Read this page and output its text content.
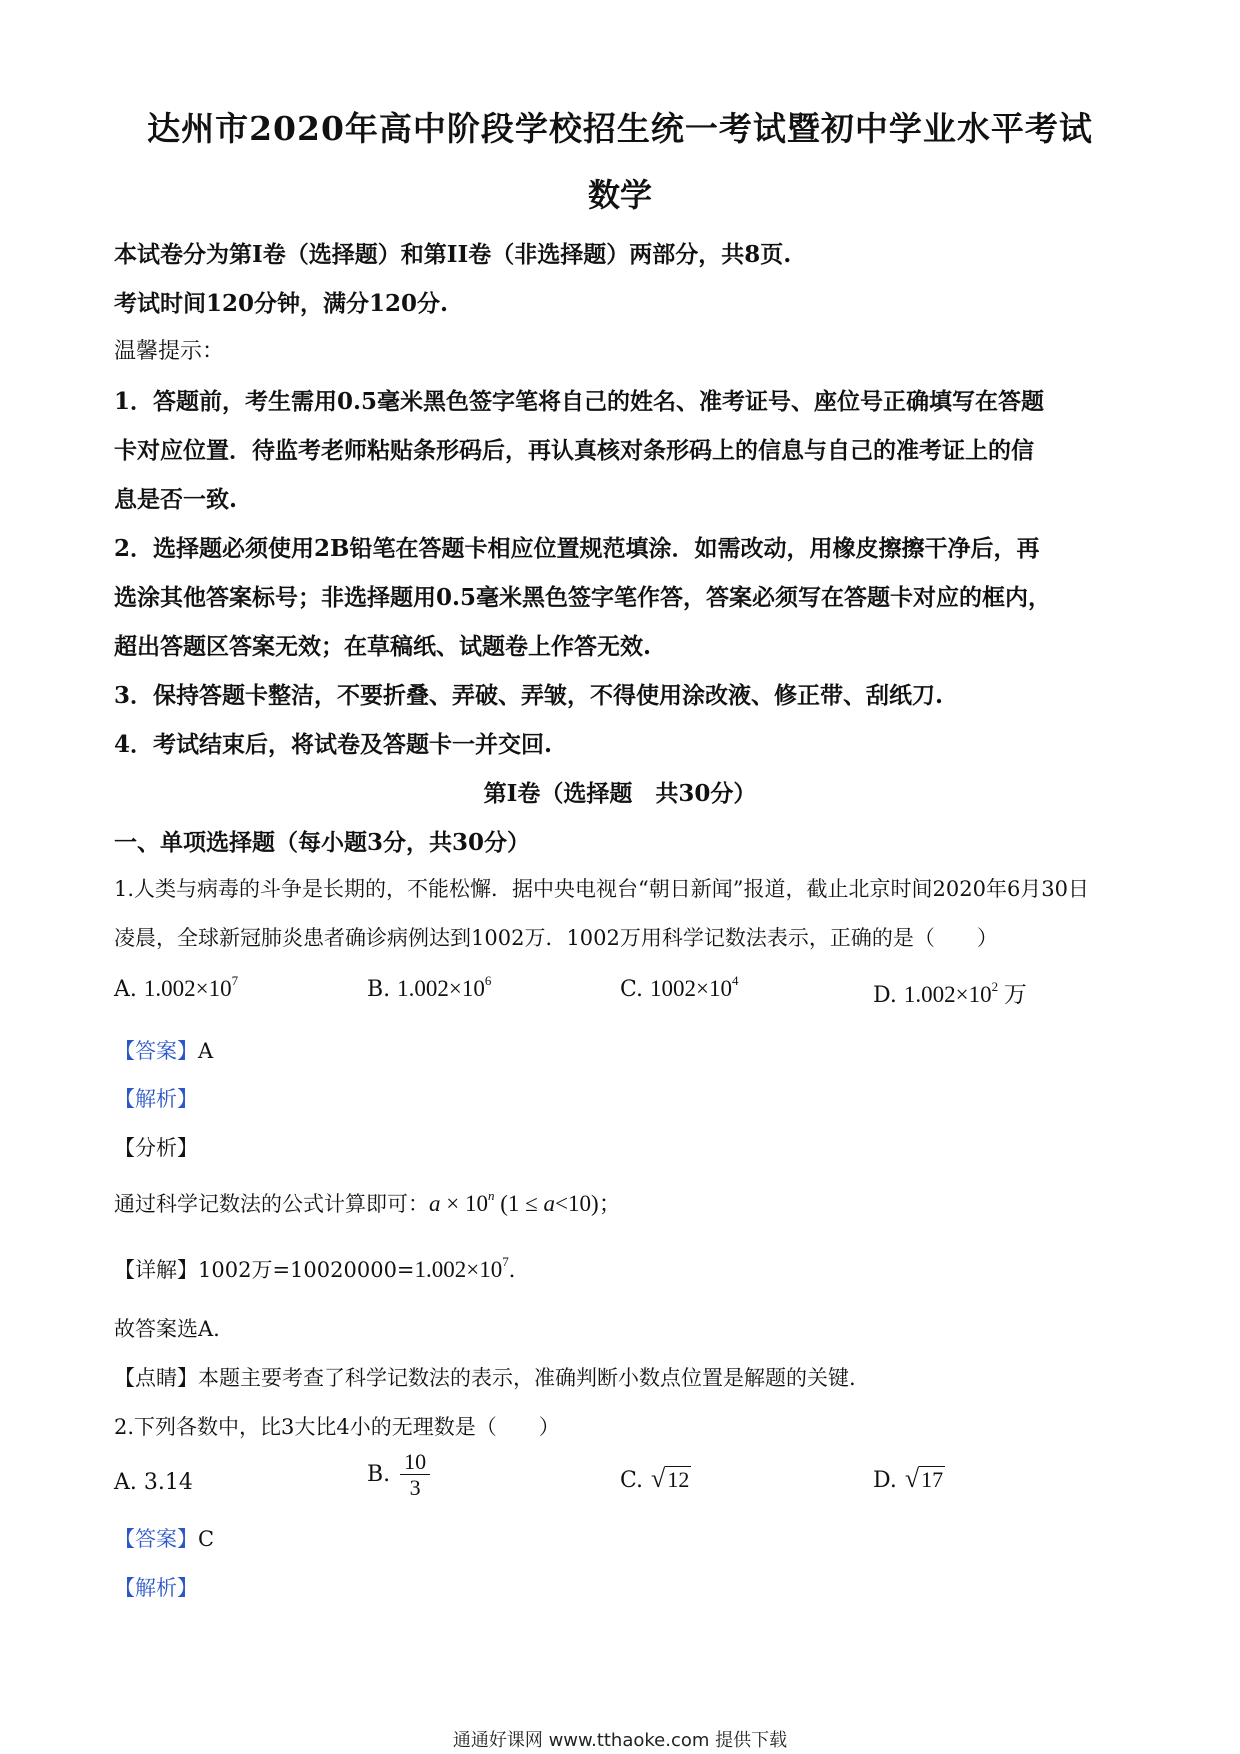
达州市2020年高中阶段学校招生统一考试暨初中学业水平考试
数学
本试卷分为第I卷（选择题）和第II卷（非选择题）两部分，共8页.
考试时间120分钟，满分120分.
温馨提示：
1．答题前，考生需用0.5毫米黑色签字笔将自己的姓名、准考证号、座位号正确填写在答题
卡对应位置．待监考老师粘贴条形码后，再认真核对条形码上的信息与自己的准考证上的信
息是否一致.
2．选择题必须使用2B铅笔在答题卡相应位置规范填涂．如需改动，用橡皮擦擦干净后，再
选涂其他答案标号；非选择题用0.5毫米黑色签字笔作答，答案必须写在答题卡对应的框内，
超出答题区答案无效；在草稿纸、试题卷上作答无效.
3．保持答题卡整洁，不要折叠、弄破、弄皱，不得使用涂改液、修正带、刮纸刀.
4．考试结束后，将试卷及答题卡一并交回.
第I卷（选择题　共30分）
一、单项选择题（每小题3分，共30分）
1.人类与病毒的斗争是长期的，不能松懈．据中央电视台“朝日新闻”报道，截止北京时间2020年6月30日
凌晨，全球新冠肺炎患者确诊病例达到1002万．1002万用科学记数法表示，正确的是（　　）
A. $1.002\times 10^7$	B. $1.002\times 10^6$	C. $1002\times 10^4$
D. $1.002\times 10^2$ 万
【答案】A
【解析】
【分析】
通过科学记数法的公式计算即可：$a \times 10^n$ (1 ≤ a<10)；
【详解】1002万$=10020000=1.002\times 10^7$．
故答案选A.
【点睛】本题主要考查了科学记数法的表示，准确判断小数点位置是解题的关键.
2.下列各数中，比3大比4小的无理数是（　　）
A. 3.14	B. $\frac{10}{3}$	C. √ 12	D. √ 17
【答案】C
【解析】
通通好课网 www.tthaoke.com 提供下载
